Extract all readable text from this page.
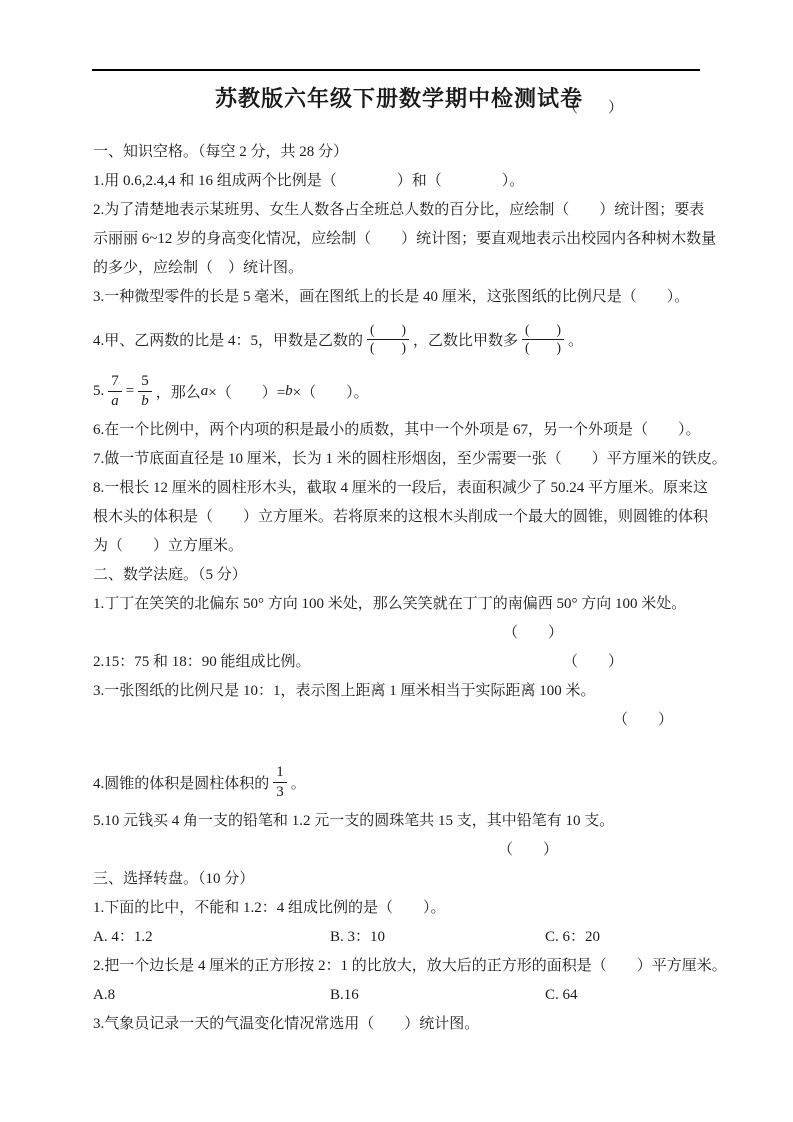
苏教版六年级下册数学期中检测试卷
一、知识空格。（每空 2 分，共 28 分）
1.用 0.6,2.4,4 和 16 组成两个比例是（　　　　）和（　　　　）。
2.为了清楚地表示某班男、女生人数各占全班总人数的百分比，应绘制（　　）统计图；要表
示丽丽 6~12 岁的身高变化情况，应绘制（　　）统计图；要直观地表示出校园内各种树木数量
的多少，应绘制（　）统计图。
3.一种微型零件的长是 5 毫米，画在图纸上的长是 40 厘米，这张图纸的比例尺是（　　）。
4.甲、乙两数的比是 4：5，甲数是乙数的 $\frac{( )}{( )}$ ，乙数比甲数多 $\frac{( )}{( )}$ 。
5. $\frac{7}{a} = \frac{5}{b}$ ，那么 a ×（　　）= b ×（　　）。
6.在一个比例中，两个内项的积是最小的质数，其中一个外项是 67，另一个外项是（　　）。
7.做一节底面直径是 10 厘米，长为 1 米的圆柱形烟囱，至少需要一张（　　）平方厘米的铁皮。
8.一根长 12 厘米的圆柱形木头，截取 4 厘米的一段后，表面积减少了 50.24 平方厘米。原来这
根木头的体积是（　　）立方厘米。若将原来的这根木头削成一个最大的圆锥，则圆锥的体积
为（　　）立方厘米。
二、数学法庭。（5 分）
1.丁丁在笑笑的北偏东 50° 方向 100 米处，那么笑笑就在丁丁的南偏西 50° 方向 100 米处。
（　　）
2.15：75 和 18：90 能组成比例。	（　　）
3.一张图纸的比例尺是 10：1，表示图上距离 1 厘米相当于实际距离 100 米。
（　　）
4.圆锥的体积是圆柱体积的 $\frac{1}{3}$ 。
（　　）
5.10 元钱买 4 角一支的铅笔和 1.2 元一支的圆珠笔共 15 支，其中铅笔有 10 支。
（　　）
三、选择转盘。（10 分）
1.下面的比中，不能和 1.2：4 组成比例的是（　　）。
A. 4：1.2	B. 3：10	C. 6：20
2.把一个边长是 4 厘米的正方形按 2：1 的比放大，放大后的正方形的面积是（　　）平方厘米。
A.8	B.16	C. 64
3.气象员记录一天的气温变化情况常选用（　　）统计图。
